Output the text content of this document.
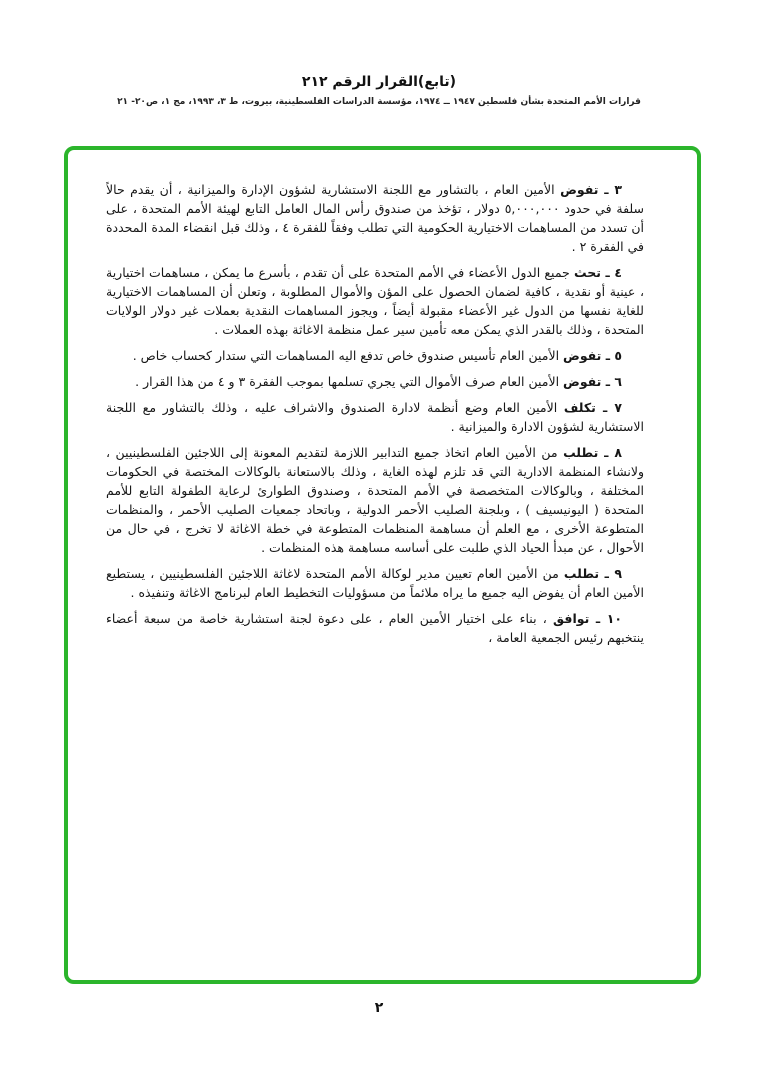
(تابع)القرار الرقم ٢١٢
قرارات الأمم المتحدة بشأن فلسطين ١٩٤٧ ــ ١٩٧٤، مؤسسة الدراسات الفلسطينية، بيروت، ط ٣، ١٩٩٣، مج ١، ص٢٠- ٢١

٣ ـ تفوض الأمين العام ، بالتشاور مع اللجنة الاستشارية لشؤون الإدارة والميزانية ، أن يقدم حالاً سلفة في حدود ٥,٠٠٠,٠٠٠ دولار ، تؤخذ من صندوق رأس المال العامل التابع لهيئة الأمم المتحدة ، على أن تسدد من المساهمات الاختيارية الحكومية التي تطلب وفقاً للفقرة ٤ ، وذلك قبل انقضاء المدة المحددة في الفقرة ٢ .

٤ ـ تحث جميع الدول الأعضاء في الأمم المتحدة على أن تقدم ، بأسرع ما يمكن ، مساهمات اختيارية ، عينية أو نقدية ، كافية لضمان الحصول على المؤن والأموال المطلوبة ، وتعلن أن المساهمات الاختيارية للغاية نفسها من الدول غير الأعضاء مقبولة أيضاً ، ويجوز المساهمات النقدية بعملات غير دولار الولايات المتحدة ، وذلك بالقدر الذي يمكن معه تأمين سير عمل منظمة الاغاثة بهذه العملات .

٥ ـ تفوض الأمين العام تأسيس صندوق خاص تدفع اليه المساهمات التي ستدار كحساب خاص .

٦ ـ تفوض الأمين العام صرف الأموال التي يجري تسلمها بموجب الفقرة ٣ و ٤ من هذا القرار .

٧ ـ تكلف الأمين العام وضع أنظمة لادارة الصندوق والاشراف عليه ، وذلك بالتشاور مع اللجنة الاستشارية لشؤون الادارة والميزانية .

٨ ـ تطلب من الأمين العام اتخاذ جميع التدابير اللازمة لتقديم المعونة إلى اللاجئين الفلسطينيين ، ولانشاء المنظمة الادارية التي قد تلزم لهذه الغاية ، وذلك بالاستعانة بالوكالات المختصة في الحكومات المختلفة ، وبالوكالات المتخصصة في الأمم المتحدة ، وصندوق الطوارئ لرعاية الطفولة التابع للأمم المتحدة ( اليونيسيف ) ، وبلجنة الصليب الأحمر الدولية ، وباتحاد جمعيات الصليب الأحمر ، والمنظمات المتطوعة الأخرى ، مع العلم أن مساهمة المنظمات المتطوعة في خطة الاغاثة لا تخرج ، في حال من الأحوال ، عن مبدأ الحياد الذي طلبت على أساسه مساهمة هذه المنظمات .

٩ ـ تطلب من الأمين العام تعيين مدير لوكالة الأمم المتحدة لاغاثة اللاجئين الفلسطينيين ، يستطيع الأمين العام أن يفوض اليه جميع ما يراه ملائماً من مسؤوليات التخطيط العام لبرنامج الاغاثة وتنفيذه .

١٠ ـ توافق ، بناء على اختيار الأمين العام ، على دعوة لجنة استشارية خاصة من سبعة أعضاء ينتخبهم رئيس الجمعية العامة ،

٢
